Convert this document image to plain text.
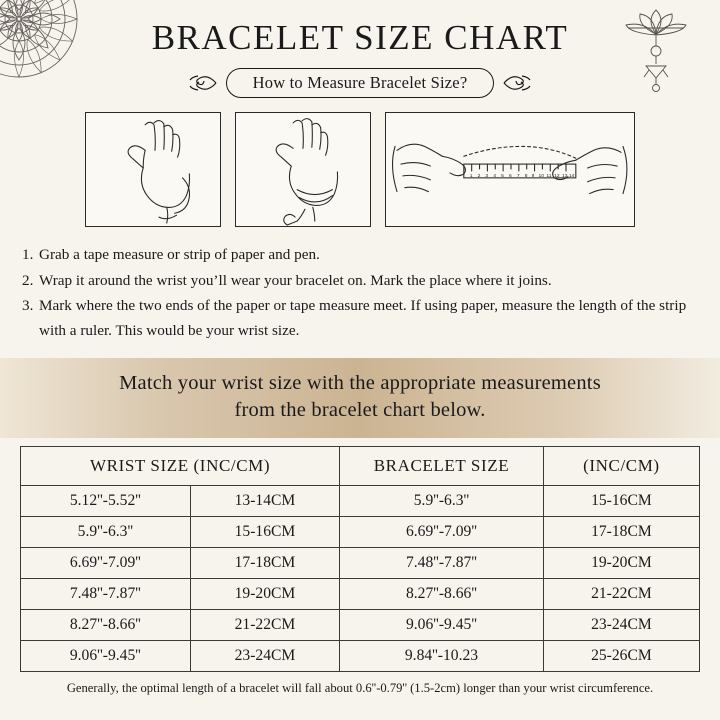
BRACELET SIZE CHART
How to Measure Bracelet Size?
1 2 3 4 5 6 7 8 9 10 11 12 13 14
1. Grab a tape measure or strip of paper and pen.
2. Wrap it around the wrist you’ll wear your bracelet on. Mark the place where it joins.
3. Mark where the two ends of the paper or tape measure meet. If using paper, measure the length of the strip with a ruler. This would be your wrist size.
Match your wrist size with the appropriate measurements
from the bracelet chart below.
WRIST SIZE (INC/CM)		BRACELET SIZE	(INC/CM)
5.12''-5.52''	13-14CM	5.9''-6.3''	15-16CM
5.9''-6.3''	15-16CM	6.69''-7.09''	17-18CM
6.69''-7.09''	17-18CM	7.48''-7.87''	19-20CM
7.48''-7.87''	19-20CM	8.27''-8.66''	21-22CM
8.27''-8.66''	21-22CM	9.06''-9.45''	23-24CM
9.06''-9.45''	23-24CM	9.84''-10.23	25-26CM
Generally, the optimal length of a bracelet will fall about 0.6''-0.79'' (1.5-2cm) longer than your wrist circumference.
